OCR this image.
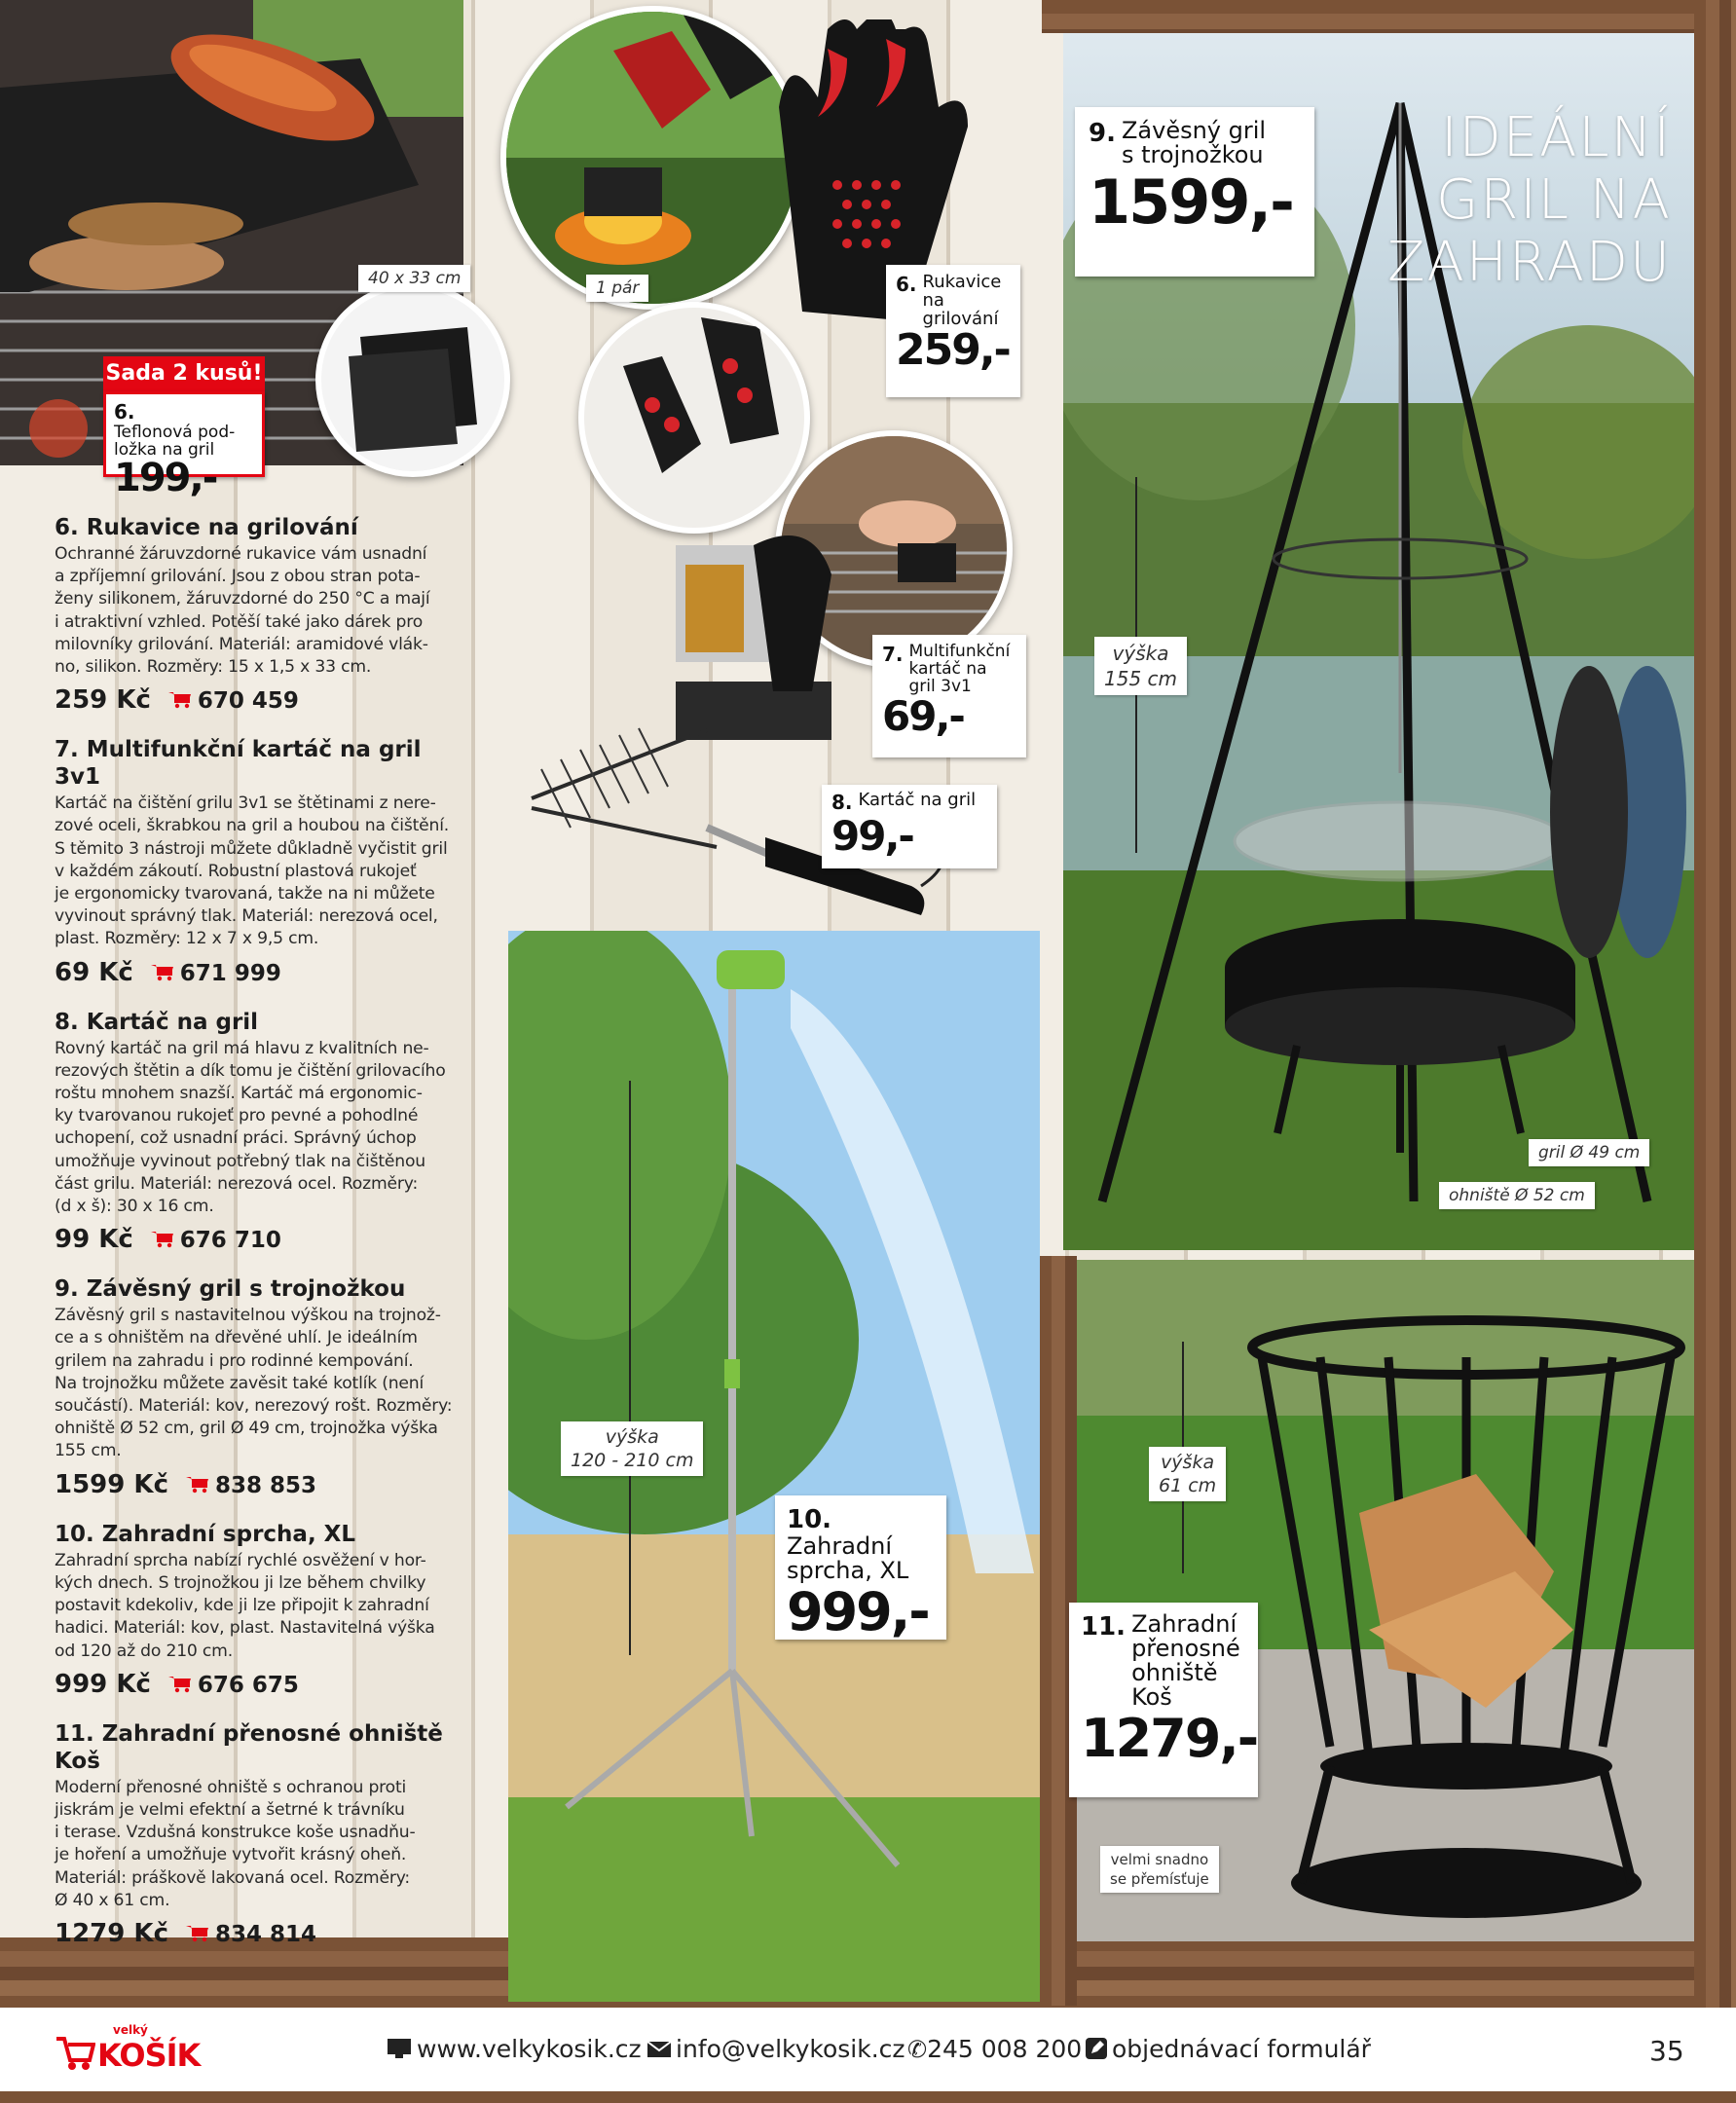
40 x 33 cm
Sada 2 kusů!
6.Teflonová pod-
ložka na gril
199,-
1 pár	6. Rukavice
na
grilování
259,-
7. Multifunkční
kartáč na
gril 3v1
69,-
8. Kartáč na gril
99,-
IDEÁLNÍ
GRIL NA
ZAHRADU
9. Závěsný gril
s trojnožkou
1599,-
výška
155 cm
gril Ø 49 cm
ohniště Ø 52 cm
výška
120 - 210 cm
10.Zahradní
sprcha, XL
999,-
výška
61 cm
11. Zahradní
přenosné
ohniště
Koš
1279,-
velmi snadno
se přemísťuje
6. Rukavice na grilování

Ochranné žáruvzdorné rukavice vám usnadní
a zpříjemní grilování. Jsou z obou stran pota-
ženy silikonem, žáruvzdorné do 250 °C a mají
i atraktivní vzhled. Potěší také jako dárek pro
milovníky grilování. Materiál: aramidové vlák-
no, silikon. Rozměry: 15 x 1,5 x 33 cm.

259 Kč 670 459
7. Multifunkční kartáč na gril 3v1

Kartáč na čištění grilu 3v1 se štětinami z nere-
zové oceli, škrabkou na gril a houbou na čištění.
S těmito 3 nástroji můžete důkladně vyčistit gril
v každém zákoutí. Robustní plastová rukojeť
je ergonomicky tvarovaná, takže na ni můžete
vyvinout správný tlak. Materiál: nerezová ocel,
plast. Rozměry: 12 x 7 x 9,5 cm.

69 Kč 671 999
8. Kartáč na gril

Rovný kartáč na gril má hlavu z kvalitních ne-
rezových štětin a dík tomu je čištění grilovacího
roštu mnohem snazší. Kartáč má ergonomic-
ky tvarovanou rukojeť pro pevné a pohodlné
uchopení, což usnadní práci. Správný úchop
umožňuje vyvinout potřebný tlak na čištěnou
část grilu. Materiál: nerezová ocel. Rozměry:
(d x š): 30 x 16 cm.

99 Kč 676 710
9. Závěsný gril s trojnožkou

Závěsný gril s nastavitelnou výškou na trojnož-
ce a s ohništěm na dřevěné uhlí. Je ideálním
grilem na zahradu i pro rodinné kempování.
Na trojnožku můžete zavěsit také kotlík (není
součástí). Materiál: kov, nerezový rošt. Rozměry:
ohniště Ø 52 cm, gril Ø 49 cm, trojnožka výška
155 cm.

1599 Kč 838 853
10. Zahradní sprcha, XL

Zahradní sprcha nabízí rychlé osvěžení v hor-
kých dnech. S trojnožkou ji lze během chvilky
postavit kdekoliv, kde ji lze připojit k zahradní
hadici. Materiál: kov, plast. Nastavitelná výška
od 120 až do 210 cm.

999 Kč 676 675
11. Zahradní přenosné ohniště Koš

Moderní přenosné ohniště s ochranou proti
jiskrám je velmi efektní a šetrné k trávníku
i terase. Vzdušná konstrukce koše usnadňu-
je hoření a umožňuje vytvořit krásný oheň.
Materiál: práškově lakovaná ocel. Rozměry:
Ø 40 x 61 cm.

1279 Kč 834 814
velký
KOŠÍK	www.velkykosik.cz	info@velkykosik.cz ✆245 008 200	objednávací formulář	35
